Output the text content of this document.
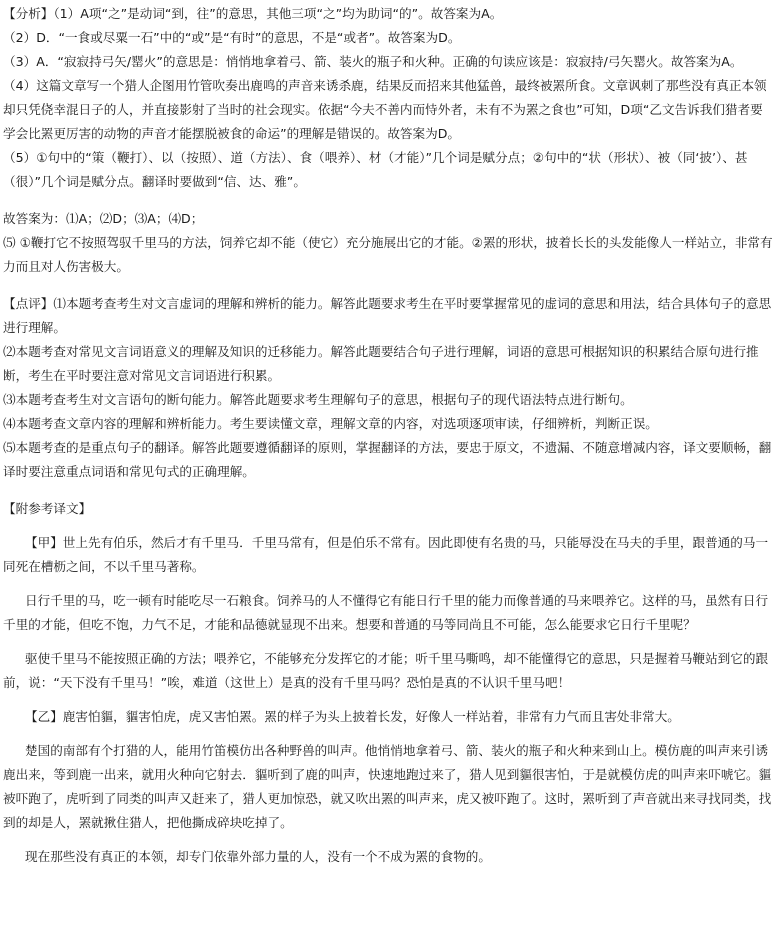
【分析】（1）A项“之”是动词“到，往”的意思，其他三项“之”均为助词“的”。故答案为A。

（2）D．“一食或尽粟一石”中的“或”是“有时”的意思，不是“或者”。故答案为D。

（3）A．“寂寂持弓矢/罂火”的意思是：悄悄地拿着弓、箭、装火的瓶子和火种。正确的句读应该是：寂寂持/弓矢罂火。故答案为A。

（4）这篇文章写一个猎人企图用竹管吹奏出鹿鸣的声音来诱杀鹿，结果反而招来其他猛兽，最终被罴所食。文章讽刺了那些没有真正本领却只凭侥幸混日子的人，并直接影射了当时的社会现实。依据“今夫不善内而恃外者，未有不为罴之食也”可知，D项“乙文告诉我们猎者要学会比罴更厉害的动物的声音才能摆脱被食的命运”的理解是错误的。故答案为D。

（5）①句中的“策（鞭打）、以（按照）、道（方法）、食（喂养）、材（才能）”几个词是赋分点；②句中的“状（形状）、被（同‘披’）、甚（很）”几个词是赋分点。翻译时要做到“信、达、雅”。

故答案为：⑴A；⑵D；⑶A；⑷D；

⑸ ①鞭打它不按照驾驭千里马的方法，饲养它却不能（使它）充分施展出它的才能。②罴的形状，披着长长的头发能像人一样站立，非常有力而且对人伤害极大。

【点评】⑴本题考查考生对文言虚词的理解和辨析的能力。解答此题要求考生在平时要掌握常见的虚词的意思和用法，结合具体句子的意思进行理解。

⑵本题考查对常见文言词语意义的理解及知识的迁移能力。解答此题要结合句子进行理解，词语的意思可根据知识的积累结合原句进行推断，考生在平时要注意对常见文言词语进行积累。

⑶本题考查考生对文言语句的断句能力。解答此题要求考生理解句子的意思，根据句子的现代语法特点进行断句。

⑷本题考查文章内容的理解和辨析能力。考生要读懂文章，理解文章的内容，对选项逐项审读，仔细辨析，判断正误。

⑸本题考查的是重点句子的翻译。解答此题要遵循翻译的原则，掌握翻译的方法，要忠于原文，不遗漏、不随意增减内容，译文要顺畅，翻译时要注意重点词语和常见句式的正确理解。

【附参考译文】

【甲】世上先有伯乐，然后才有千里马．千里马常有，但是伯乐不常有。因此即使有名贵的马，只能辱没在马夫的手里，跟普通的马一同死在槽枥之间，不以千里马著称。

日行千里的马，吃一顿有时能吃尽一石粮食。饲养马的人不懂得它有能日行千里的能力而像普通的马来喂养它。这样的马，虽然有日行千里的才能，但吃不饱，力气不足，才能和品德就显现不出来。想要和普通的马等同尚且不可能，怎么能要求它日行千里呢？

驱使千里马不能按照正确的方法；喂养它，不能够充分发挥它的才能；听千里马嘶鸣，却不能懂得它的意思，只是握着马鞭站到它的跟前，说：“天下没有千里马！”唉，难道（这世上）是真的没有千里马吗？恐怕是真的不认识千里马吧！

【乙】鹿害怕貙，貙害怕虎，虎又害怕罴。罴的样子为头上披着长发，好像人一样站着，非常有力气而且害处非常大。

楚国的南部有个打猎的人，能用竹笛模仿出各种野兽的叫声。他悄悄地拿着弓、箭、装火的瓶子和火种来到山上。模仿鹿的叫声来引诱鹿出来，等到鹿一出来，就用火种向它射去．貙听到了鹿的叫声，快速地跑过来了，猎人见到貙很害怕，于是就模仿虎的叫声来吓唬它。貙被吓跑了，虎听到了同类的叫声又赶来了，猎人更加惊恐，就又吹出罴的叫声来，虎又被吓跑了。这时，罴听到了声音就出来寻找同类，找到的却是人，罴就揪住猎人，把他撕成碎块吃掉了。

现在那些没有真正的本领，却专门依靠外部力量的人，没有一个不成为罴的食物的。
